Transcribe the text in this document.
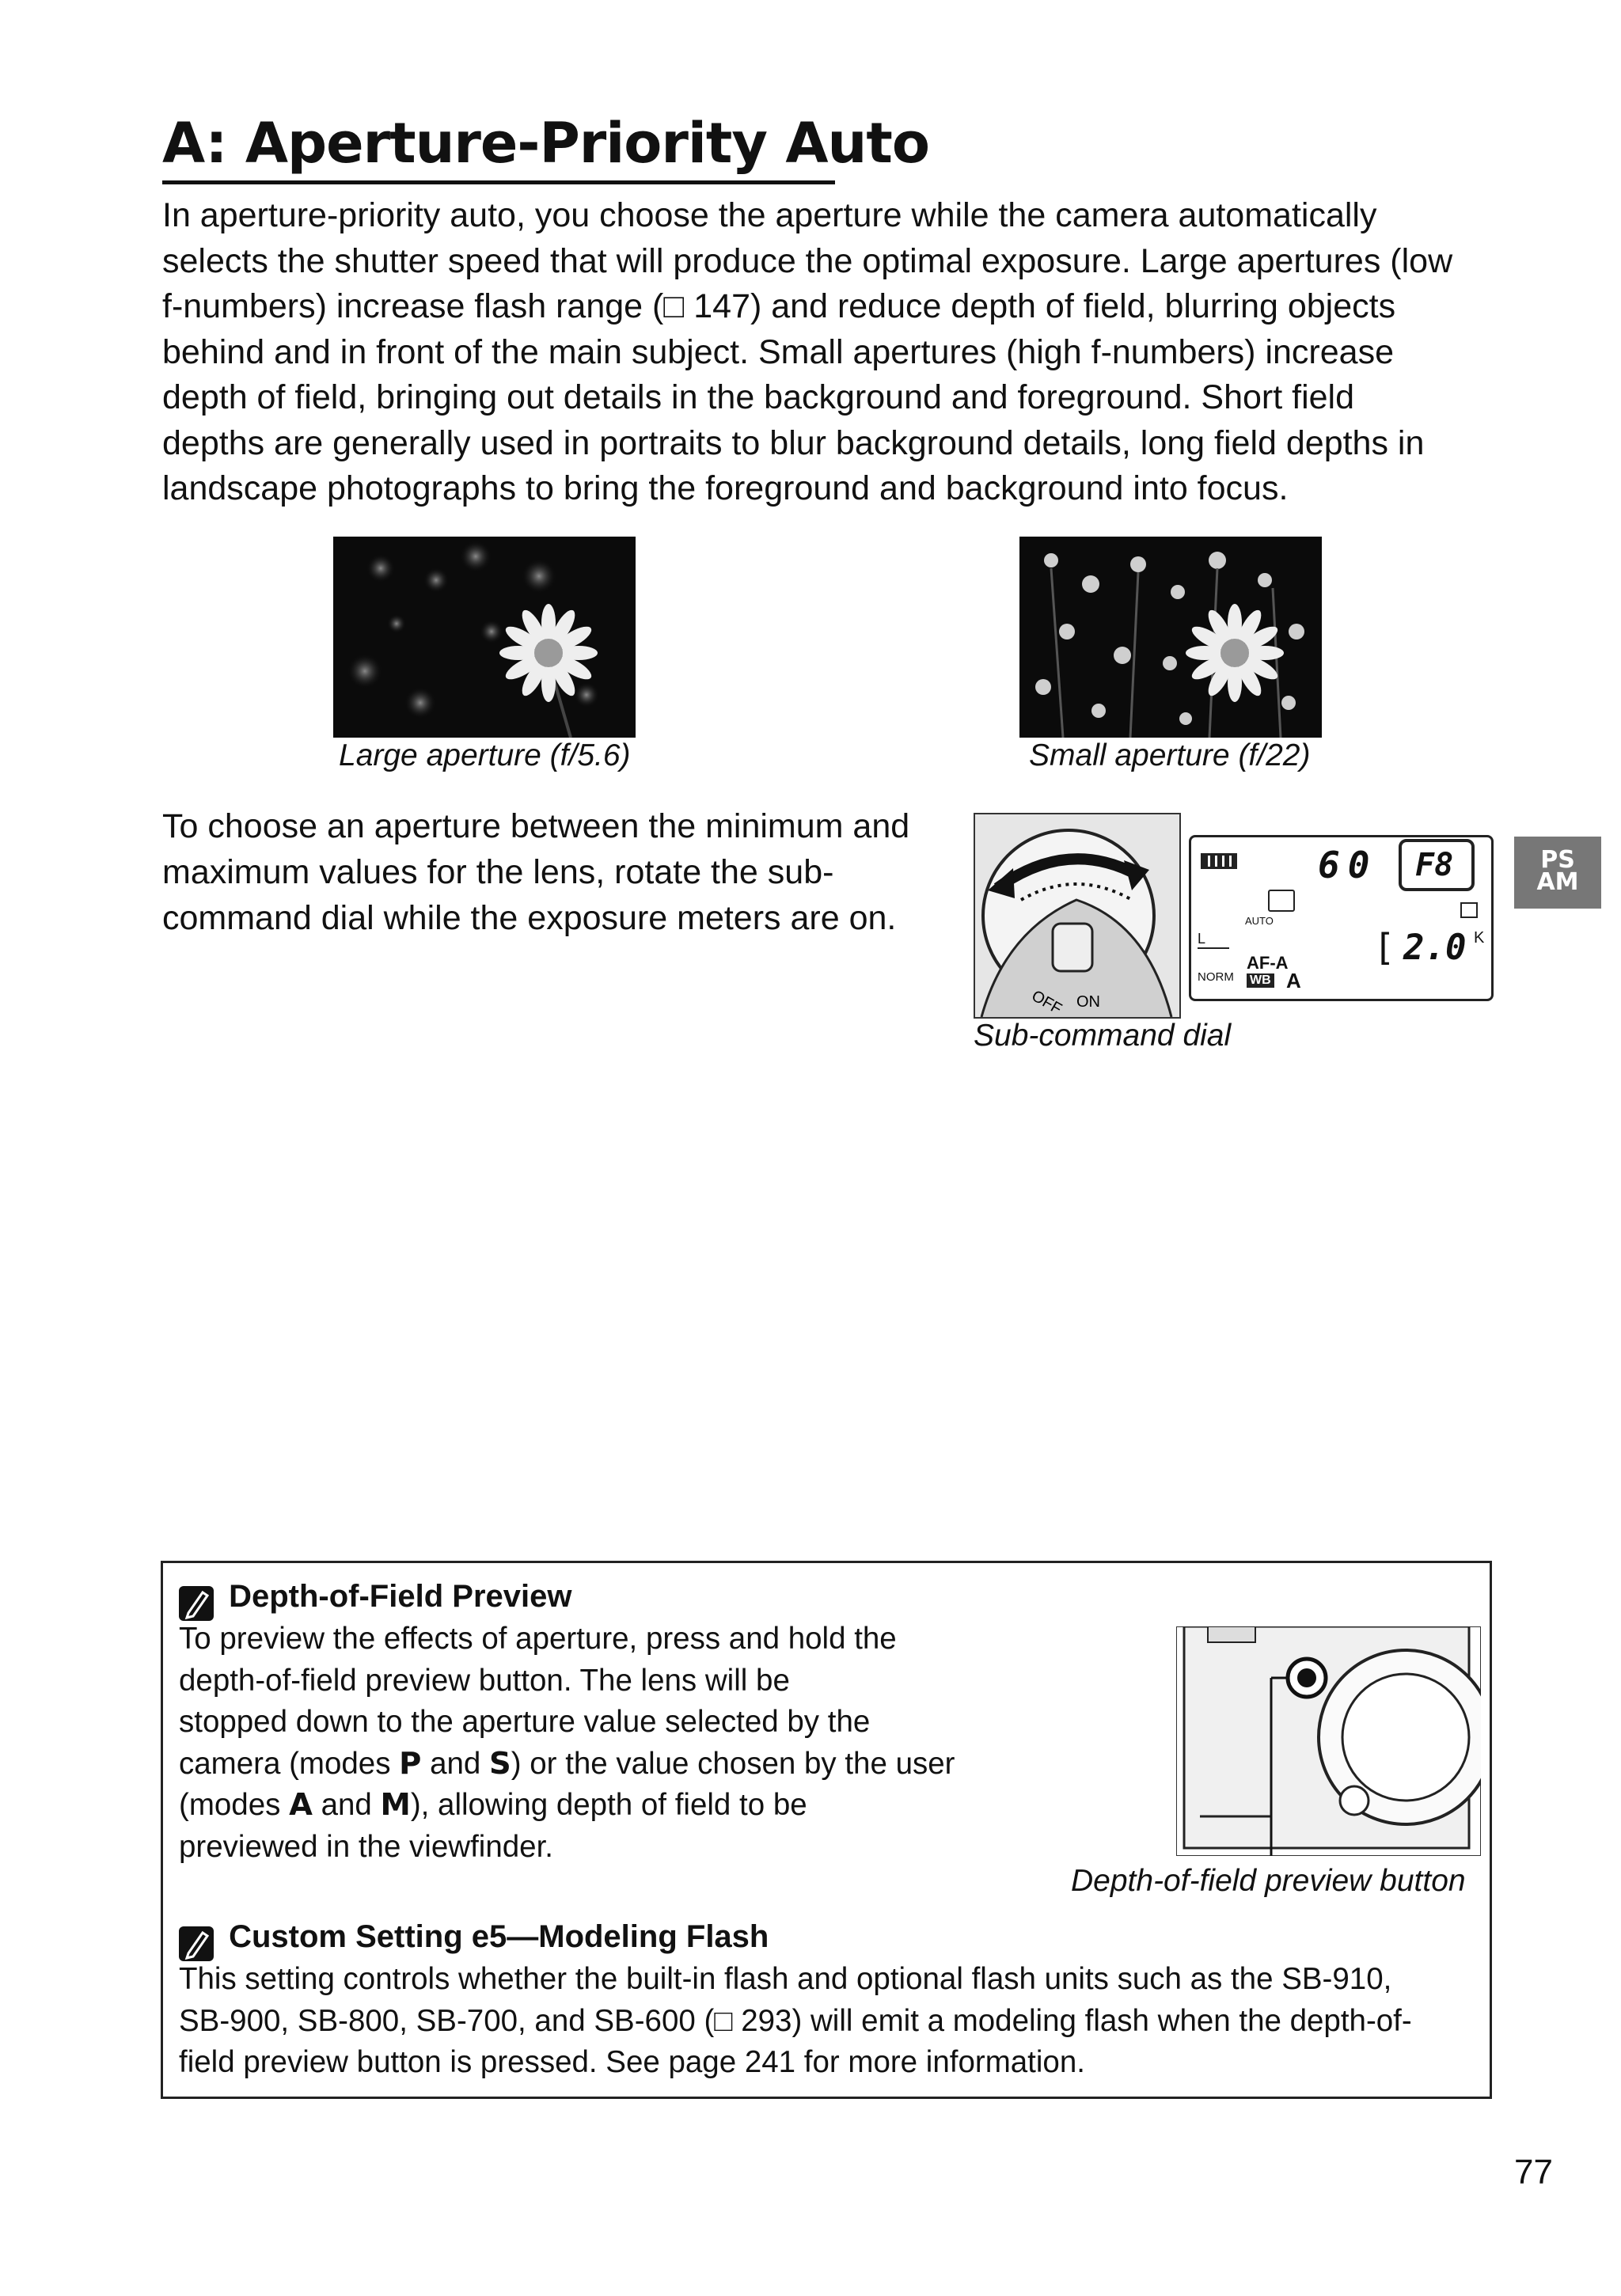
A: Aperture-Priority Auto

In aperture-priority auto, you choose the aperture while the camera automatically

selects the shutter speed that will produce the optimal exposure. Large apertures (low

f-numbers) increase flash range (□ 147) and reduce depth of field, blurring objects

behind and in front of the main subject. Small apertures (high f-numbers) increase

depth of field, bringing out details in the background and foreground. Short field

depths are generally used in portraits to blur background details, long field depths in

landscape photographs to bring the foreground and background into focus.

Large aperture (f/5.6)	Small aperture (f/22)

To choose an aperture between the minimum and

maximum values for the lens, rotate the sub-

command dial while the exposure meters are on.

OFF ON
Sub-command dial
60 F8
AUTO
L
AF-A
NORM WB A
[ 2.0 K
PS
AM
Depth-of-Field Preview

To preview the effects of aperture, press and hold the

depth-of-field preview button. The lens will be

stopped down to the aperture value selected by the

camera (modes P and S) or the value chosen by the user

(modes A and M), allowing depth of field to be

previewed in the viewfinder.

Depth-of-field preview button
Custom Setting e5—Modeling Flash

This setting controls whether the built-in flash and optional flash units such as the SB-910,

SB-900, SB-800, SB-700, and SB-600 (□ 293) will emit a modeling flash when the depth-of-

field preview button is pressed. See page 241 for more information.

77
